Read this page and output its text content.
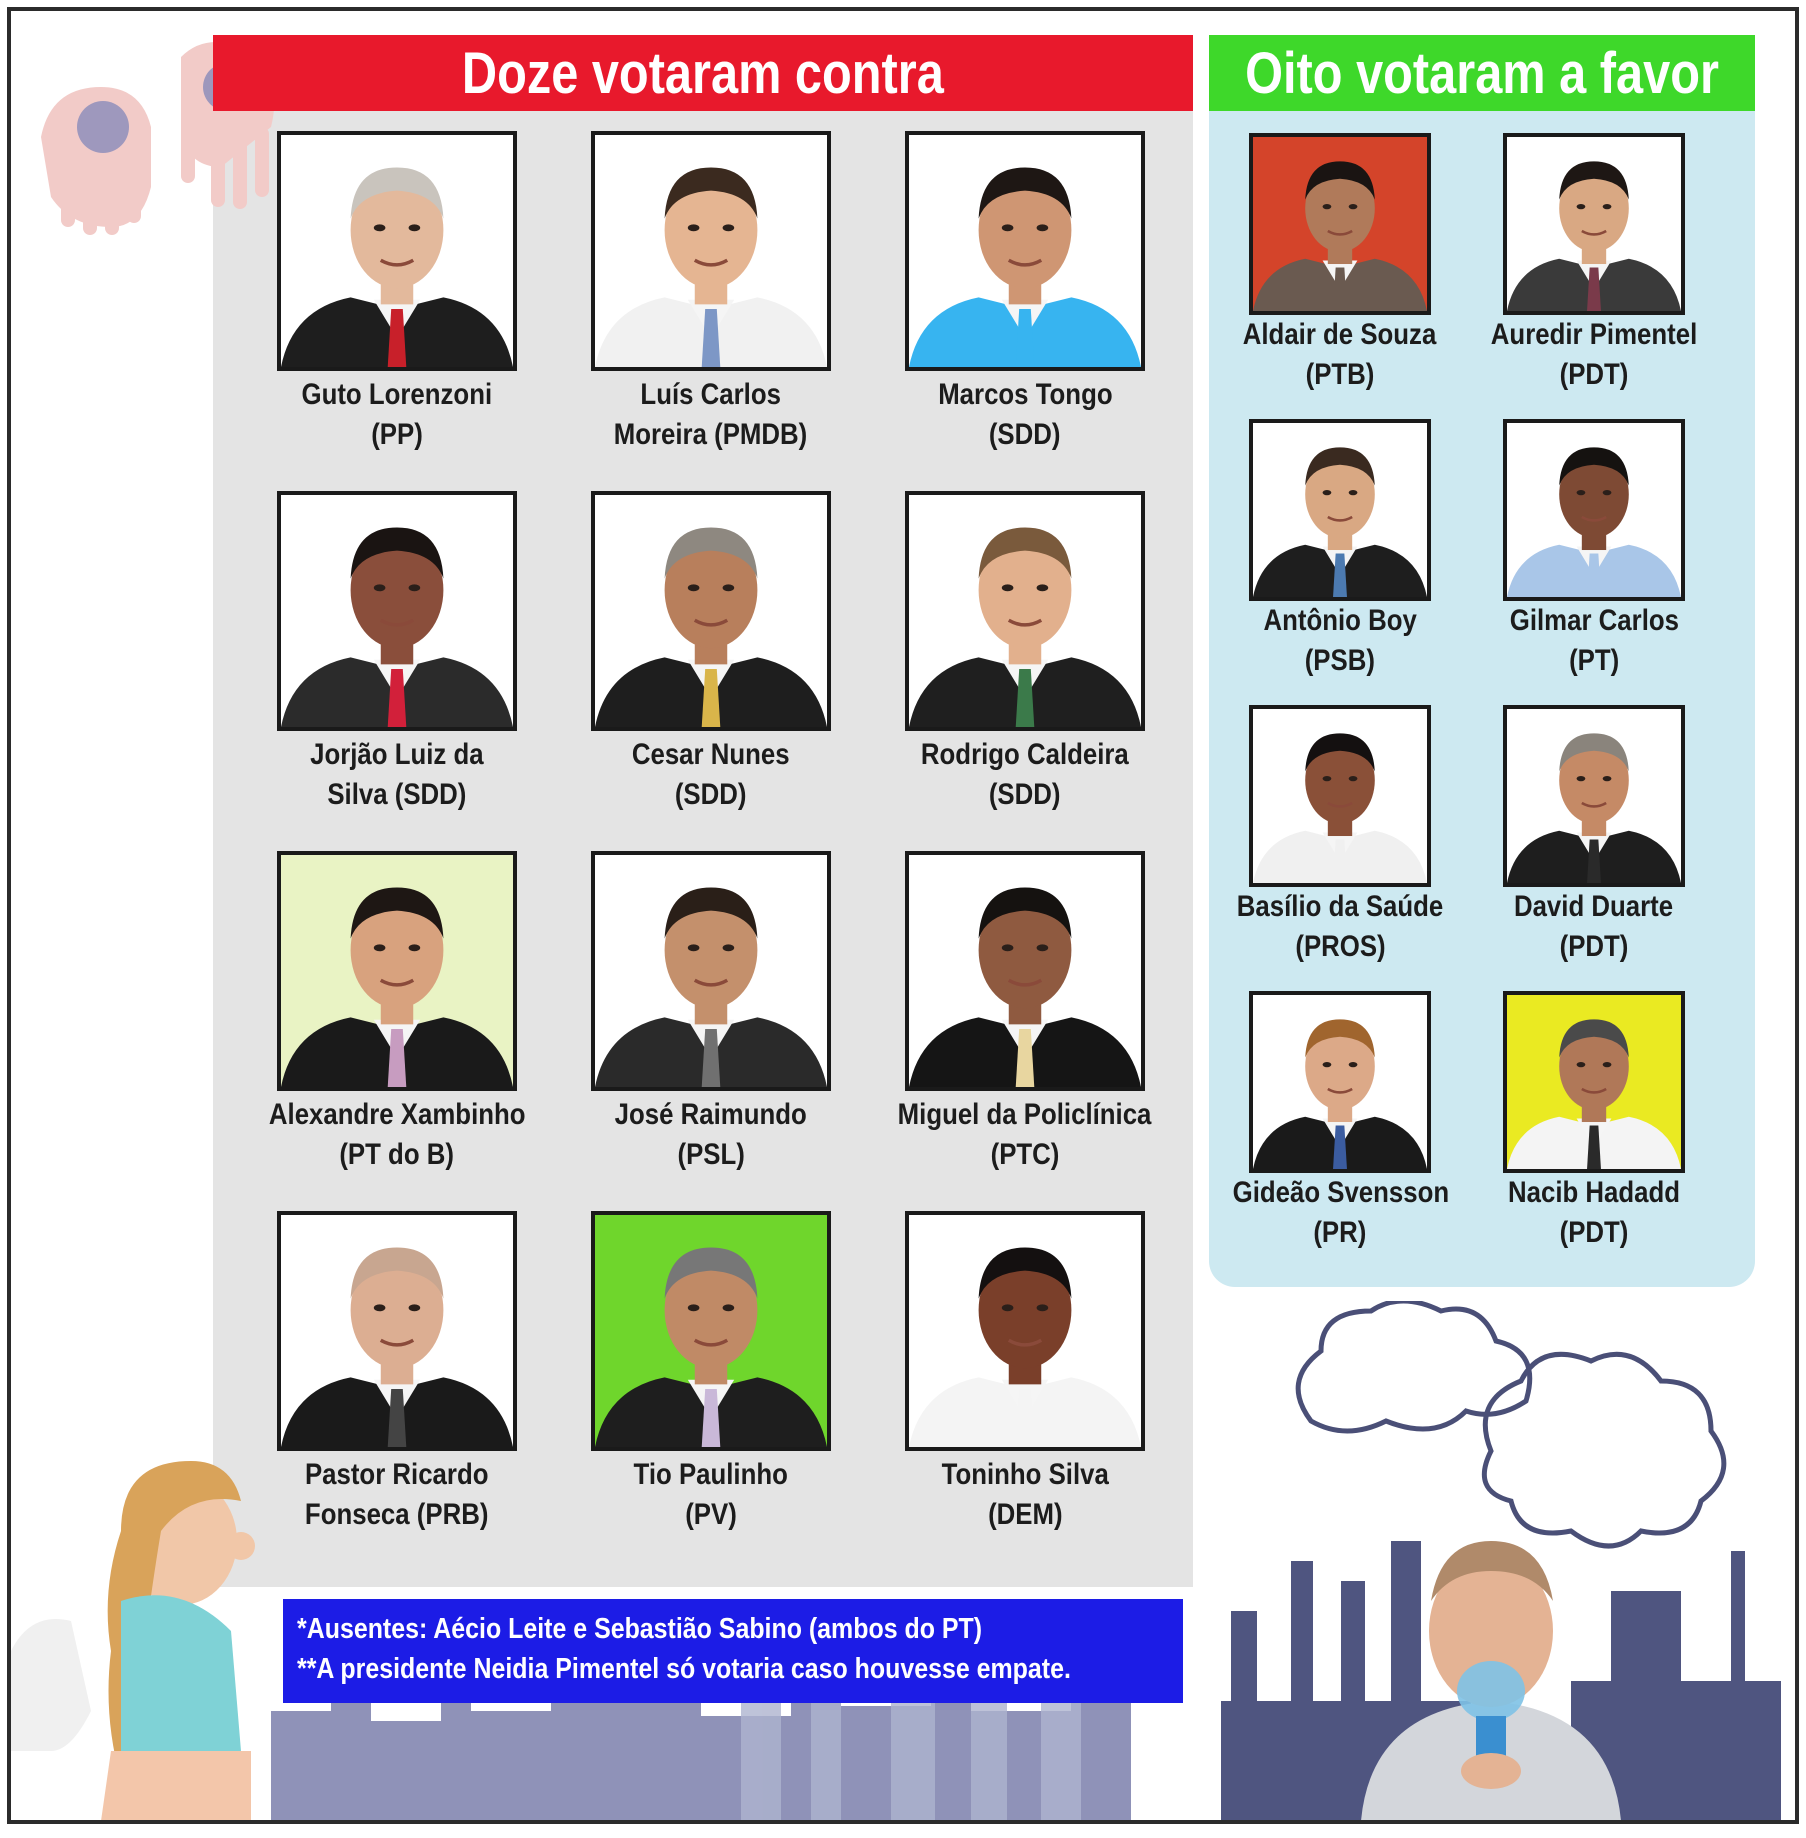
Doze votaram contra	Oito votaram a favor
Guto Lorenzoni
(PP)
Luís Carlos
Moreira (PMDB)
Marcos Tongo
(SDD)
Jorjão Luiz da
Silva (SDD)
Cesar Nunes
(SDD)
Rodrigo Caldeira
(SDD)
Alexandre Xambinho
(PT do B)
José Raimundo
(PSL)
Miguel da Policlínica
(PTC)
Pastor Ricardo
Fonseca (PRB)
Tio Paulinho
(PV)
Toninho Silva
(DEM)
Aldair de Souza
(PTB)
Auredir Pimentel
(PDT)
Antônio Boy
(PSB)
Gilmar Carlos
(PT)
Basílio da Saúde
(PROS)
David Duarte
(PDT)
Gideão Svensson
(PR)
Nacib Hadadd
(PDT)
*Ausentes: Aécio Leite e Sebastião Sabino (ambos do PT)
**A presidente Neidia Pimentel só votaria caso houvesse empate.
